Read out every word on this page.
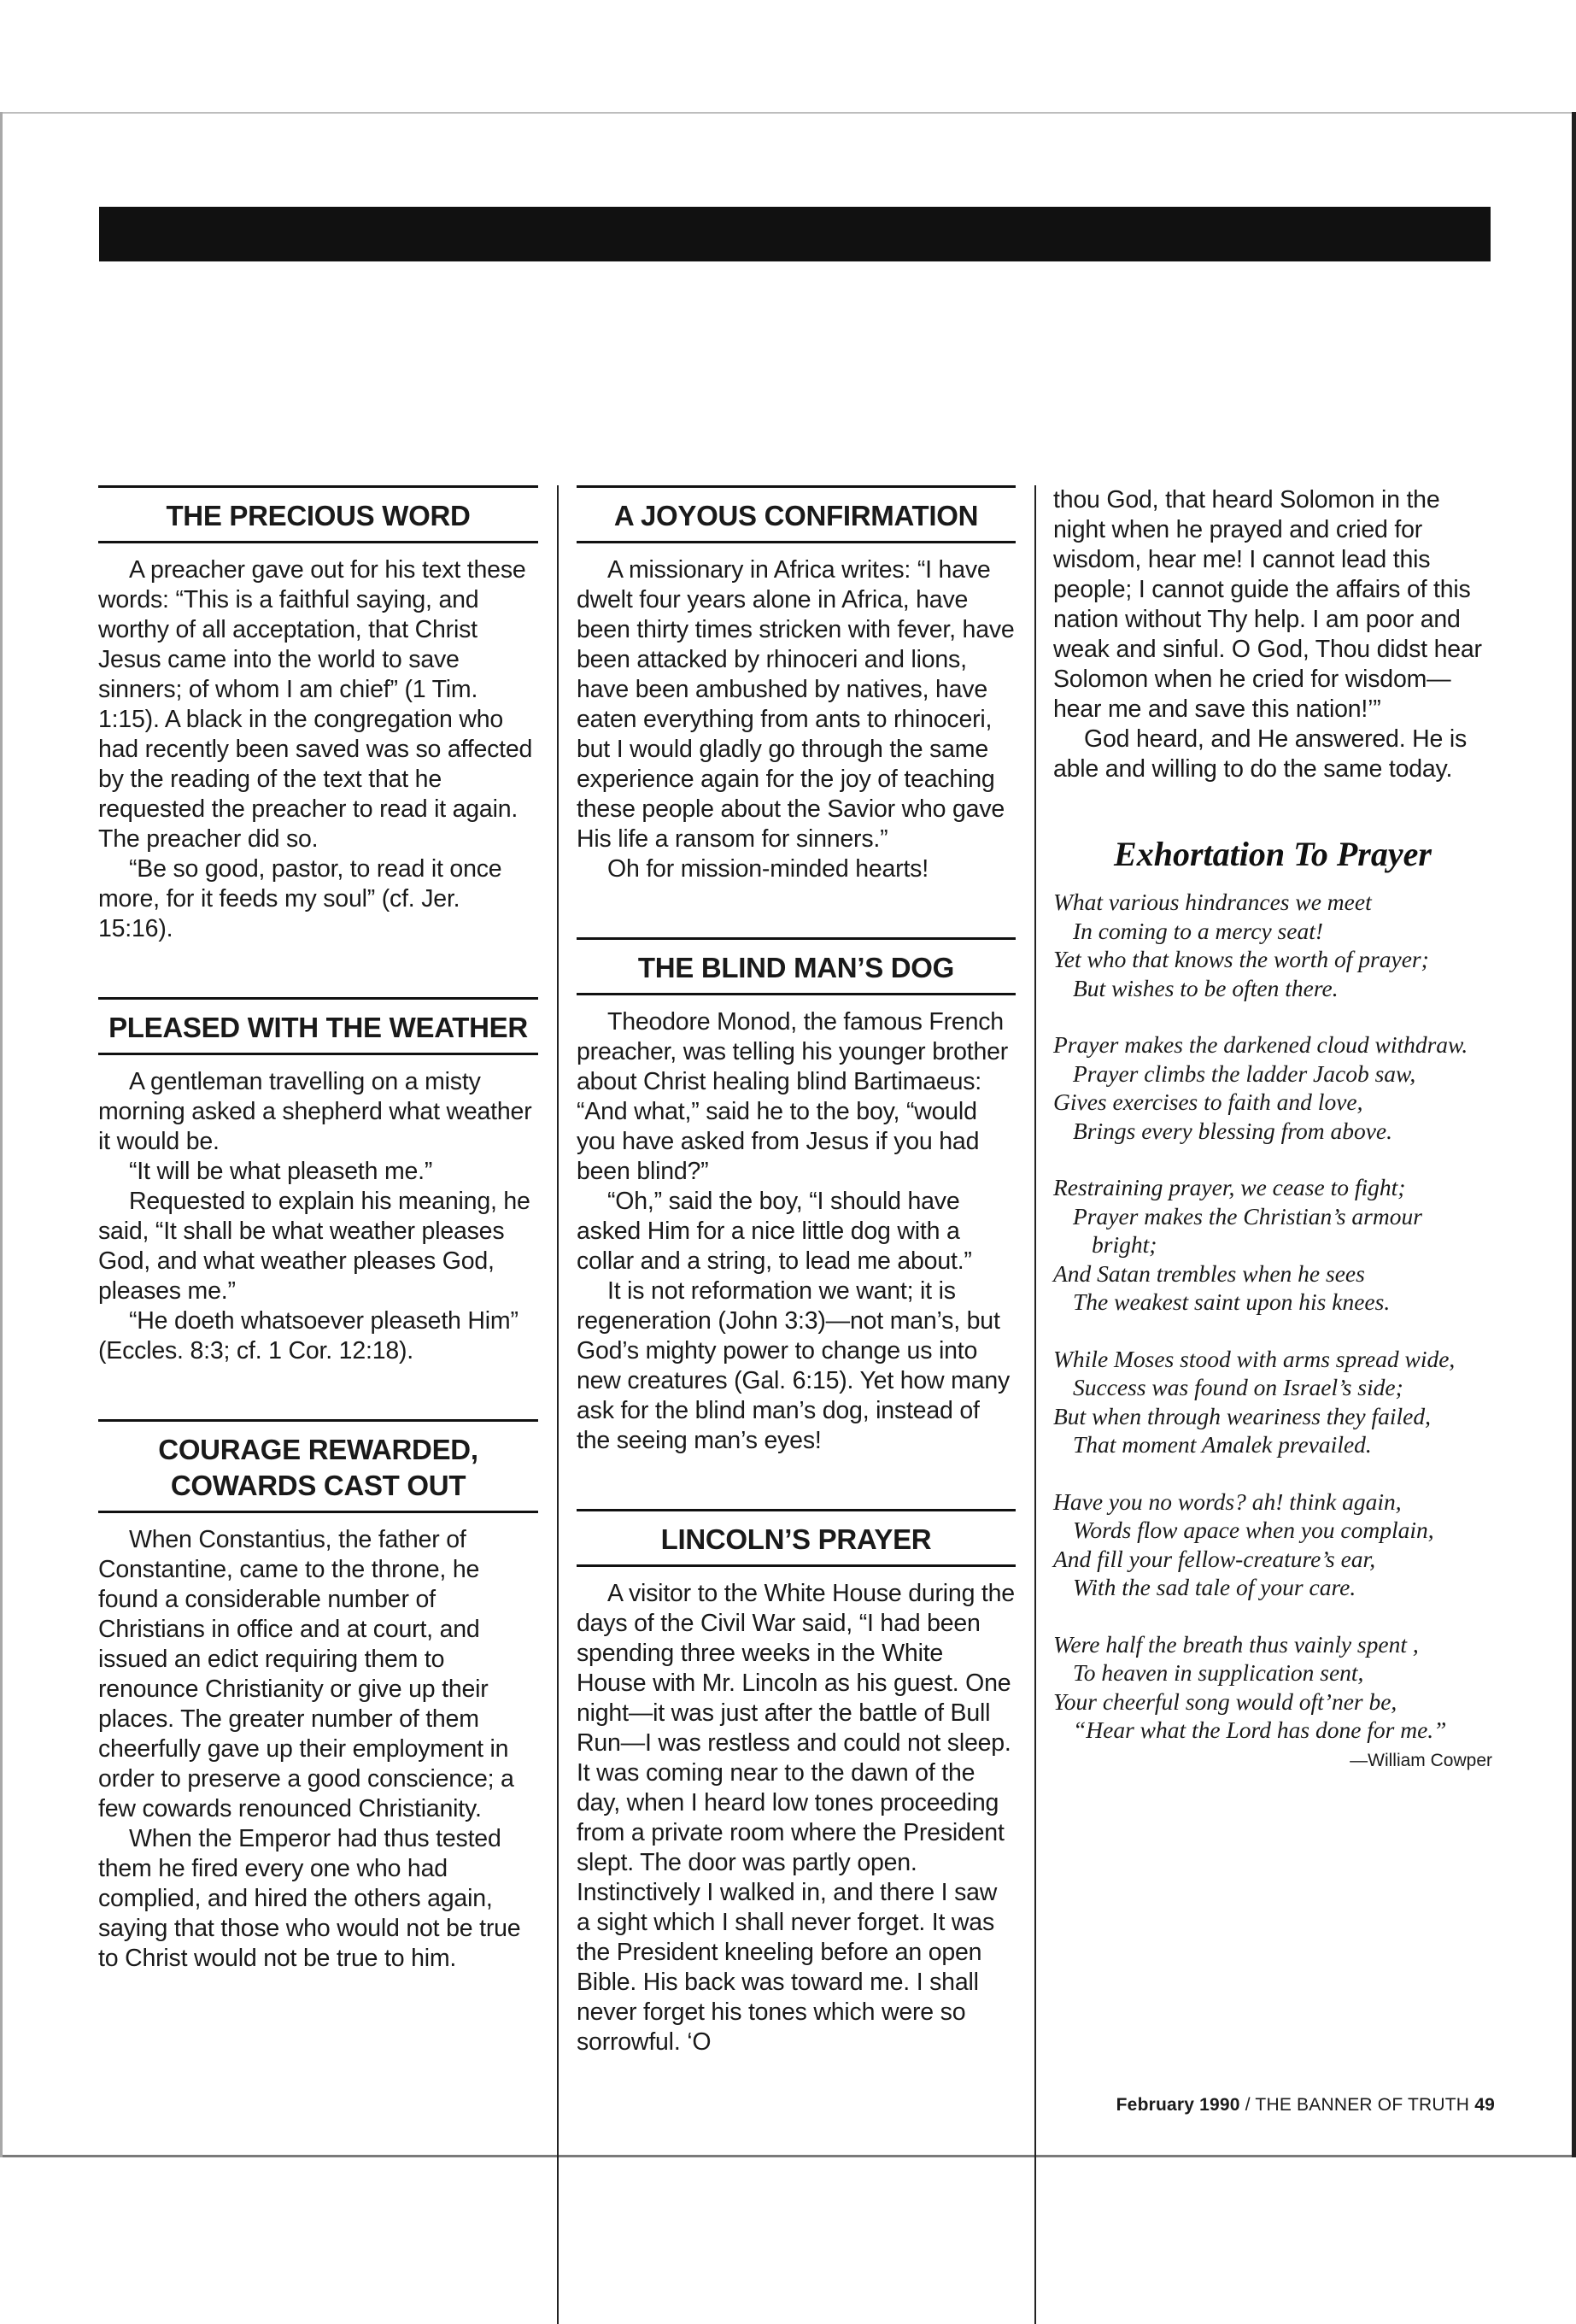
THE PRECIOUS WORD

A preacher gave out for his text these words: “This is a faithful saying, and worthy of all acceptation, that Christ Jesus came into the world to save sinners; of whom I am chief” (1 Tim. 1:15). A black in the congregation who had recently been saved was so affected by the reading of the text that he requested the preacher to read it again. The preacher did so.

“Be so good, pastor, to read it once more, for it feeds my soul” (cf. Jer. 15:16).

PLEASED WITH THE WEATHER

A gentleman travelling on a misty morning asked a shepherd what weather it would be.

“It will be what pleaseth me.”

Requested to explain his meaning, he said, “It shall be what weather pleases God, and what weather pleases God, pleases me.”

“He doeth whatsoever pleaseth Him” (Eccles. 8:3; cf. 1 Cor. 12:18).

COURAGE REWARDED,
COWARDS CAST OUT

When Constantius, the father of Constantine, came to the throne, he found a considerable number of Christians in office and at court, and issued an edict requiring them to renounce Christianity or give up their places. The greater number of them cheerfully gave up their employment in order to preserve a good conscience; a few cowards renounced Christianity.

When the Emperor had thus tested them he fired every one who had complied, and hired the others again, saying that those who would not be true to Christ would not be true to him.

A JOYOUS CONFIRMATION

A missionary in Africa writes: “I have dwelt four years alone in Africa, have been thirty times stricken with fever, have been attacked by rhinoceri and lions, have been ambushed by natives, have eaten everything from ants to rhinoceri, but I would gladly go through the same experience again for the joy of teaching these people about the Savior who gave His life a ransom for sinners.”

Oh for mission-minded hearts!

THE BLIND MAN’S DOG

Theodore Monod, the famous French preacher, was telling his younger brother about Christ healing blind Bartimaeus: “And what,” said he to the boy, “would you have asked from Jesus if you had been blind?”

“Oh,” said the boy, “I should have asked Him for a nice little dog with a collar and a string, to lead me about.”

It is not reformation we want; it is regeneration (John 3:3)—not man’s, but God’s mighty power to change us into new creatures (Gal. 6:15). Yet how many ask for the blind man’s dog, instead of the seeing man’s eyes!

LINCOLN’S PRAYER

A visitor to the White House during the days of the Civil War said, “I had been spending three weeks in the White House with Mr. Lincoln as his guest. One night—it was just after the battle of Bull Run—I was restless and could not sleep. It was coming near to the dawn of the day, when I heard low tones proceeding from a private room where the President slept. The door was partly open. Instinctively I walked in, and there I saw a sight which I shall never forget. It was the President kneeling before an open Bible. His back was toward me. I shall never forget his tones which were so sorrowful. ‘O

thou God, that heard Solomon in the night when he prayed and cried for wisdom, hear me! I cannot lead this people; I cannot guide the affairs of this nation without Thy help. I am poor and weak and sinful. O God, Thou didst hear Solomon when he cried for wisdom—hear me and save this nation!’”

God heard, and He answered. He is able and willing to do the same today.

Exhortation To Prayer
What various hindrances we meet
In coming to a mercy seat!
Yet who that knows the worth of prayer;
But wishes to be often there.
Prayer makes the darkened cloud withdraw.
Prayer climbs the ladder Jacob saw,
Gives exercises to faith and love,
Brings every blessing from above.
Restraining prayer, we cease to fight;
Prayer makes the Christian’s armour
bright;
And Satan trembles when he sees
The weakest saint upon his knees.
While Moses stood with arms spread wide,
Success was found on Israel’s side;
But when through weariness they failed,
That moment Amalek prevailed.
Have you no words? ah! think again,
Words flow apace when you complain,
And fill your fellow-creature’s ear,
With the sad tale of your care.
Were half the breath thus vainly spent ,
To heaven in supplication sent,
Your cheerful song would oft’ner be,
“Hear what the Lord has done for me.”
—William Cowper
February 1990 / THE BANNER OF TRUTH 49
